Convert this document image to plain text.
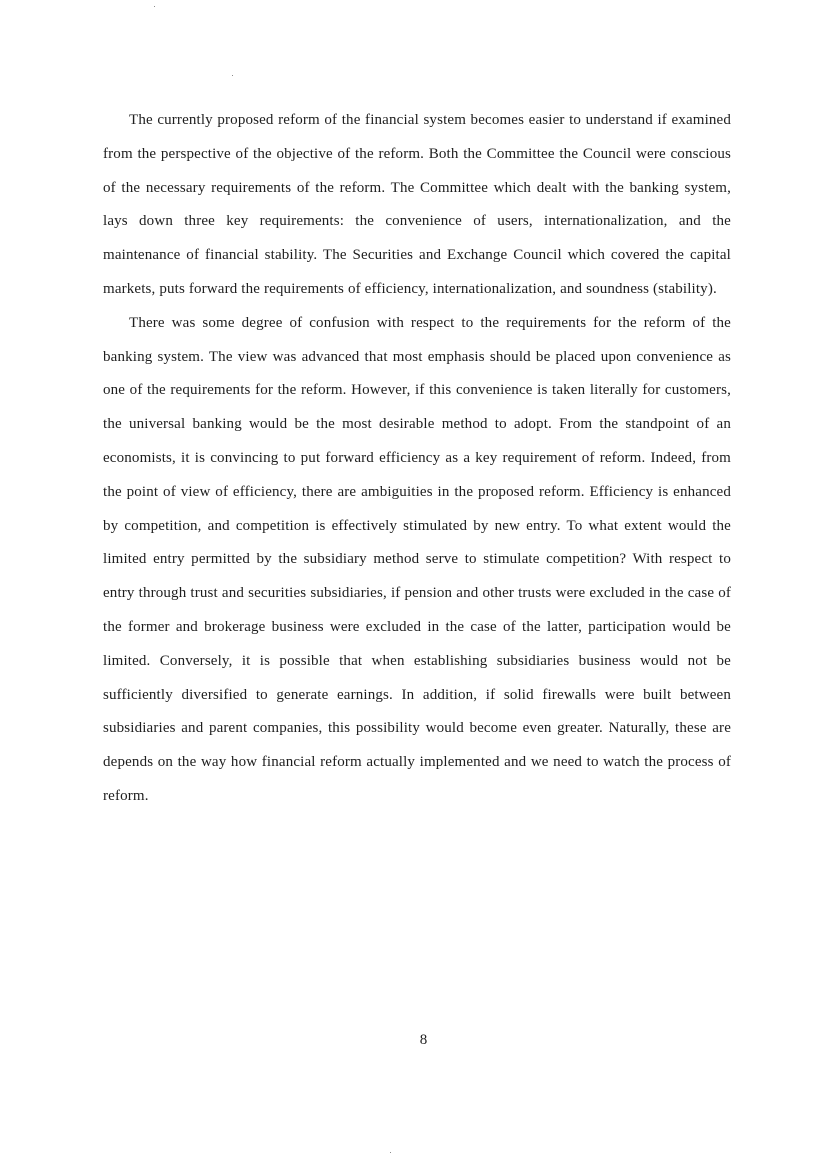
The currently proposed reform of the financial system becomes easier to understand if examined from the perspective of the objective of the reform. Both the Committee the Council were conscious of the necessary requirements of the reform. The Committee which dealt with the banking system, lays down three key requirements: the convenience of users, internationalization, and the maintenance of financial stability. The Securities and Exchange Council which covered the capital markets, puts forward the requirements of efficiency, internationalization, and soundness (stability).

There was some degree of confusion with respect to the requirements for the reform of the banking system. The view was advanced that most emphasis should be placed upon convenience as one of the requirements for the reform. However, if this convenience is taken literally for customers, the universal banking would be the most desirable method to adopt. From the standpoint of an economists, it is convincing to put forward efficiency as a key requirement of reform. Indeed, from the point of view of efficiency, there are ambiguities in the proposed reform. Efficiency is enhanced by competition, and competition is effectively stimulated by new entry. To what extent would the limited entry permitted by the subsidiary method serve to stimulate competition? With respect to entry through trust and securities subsidiaries, if pension and other trusts were excluded in the case of the former and brokerage business were excluded in the case of the latter, participation would be limited. Conversely, it is possible that when establishing subsidiaries business would not be sufficiently diversified to generate earnings. In addition, if solid firewalls were built between subsidiaries and parent companies, this possibility would become even greater. Naturally, these are depends on the way how financial reform actually implemented and we need to watch the process of reform.

8
